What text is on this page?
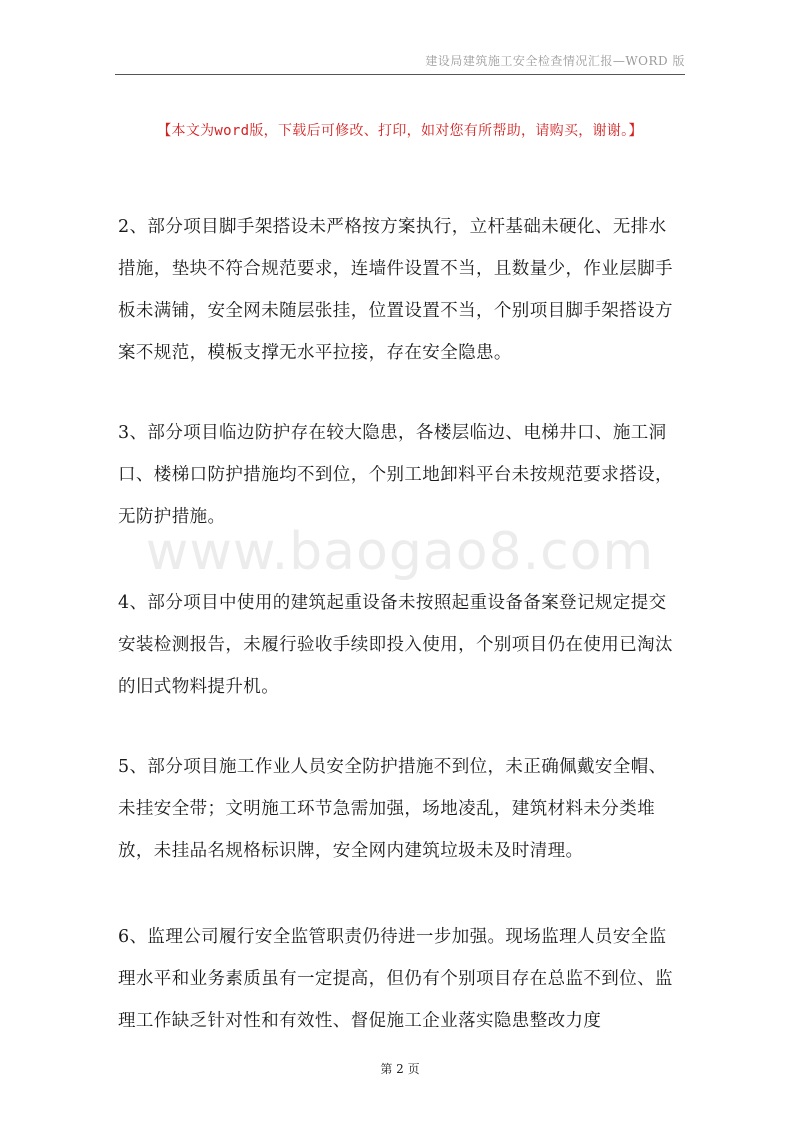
建设局建筑施工安全检查情况汇报—WORD 版
【本文为word版，下载后可修改、打印，如对您有所帮助，请购买，谢谢。】
2、部分项目脚手架搭设未严格按方案执行，立杆基础未硬化、无排水措施，垫块不符合规范要求，连墙件设置不当，且数量少，作业层脚手板未满铺，安全网未随层张挂，位置设置不当，个别项目脚手架搭设方案不规范，模板支撑无水平拉接，存在安全隐患。
3、部分项目临边防护存在较大隐患，各楼层临边、电梯井口、施工洞口、楼梯口防护措施均不到位，个别工地卸料平台未按规范要求搭设，无防护措施。
www.baogao8.com
4、部分项目中使用的建筑起重设备未按照起重设备备案登记规定提交安装检测报告，未履行验收手续即投入使用，个别项目仍在使用已淘汰的旧式物料提升机。
5、部分项目施工作业人员安全防护措施不到位，未正确佩戴安全帽、未挂安全带；文明施工环节急需加强，场地凌乱，建筑材料未分类堆放，未挂品名规格标识牌，安全网内建筑垃圾未及时清理。
6、监理公司履行安全监管职责仍待进一步加强。现场监理人员安全监理水平和业务素质虽有一定提高，但仍有个别项目存在总监不到位、监理工作缺乏针对性和有效性、督促施工企业落实隐患整改力度
第 2 页
